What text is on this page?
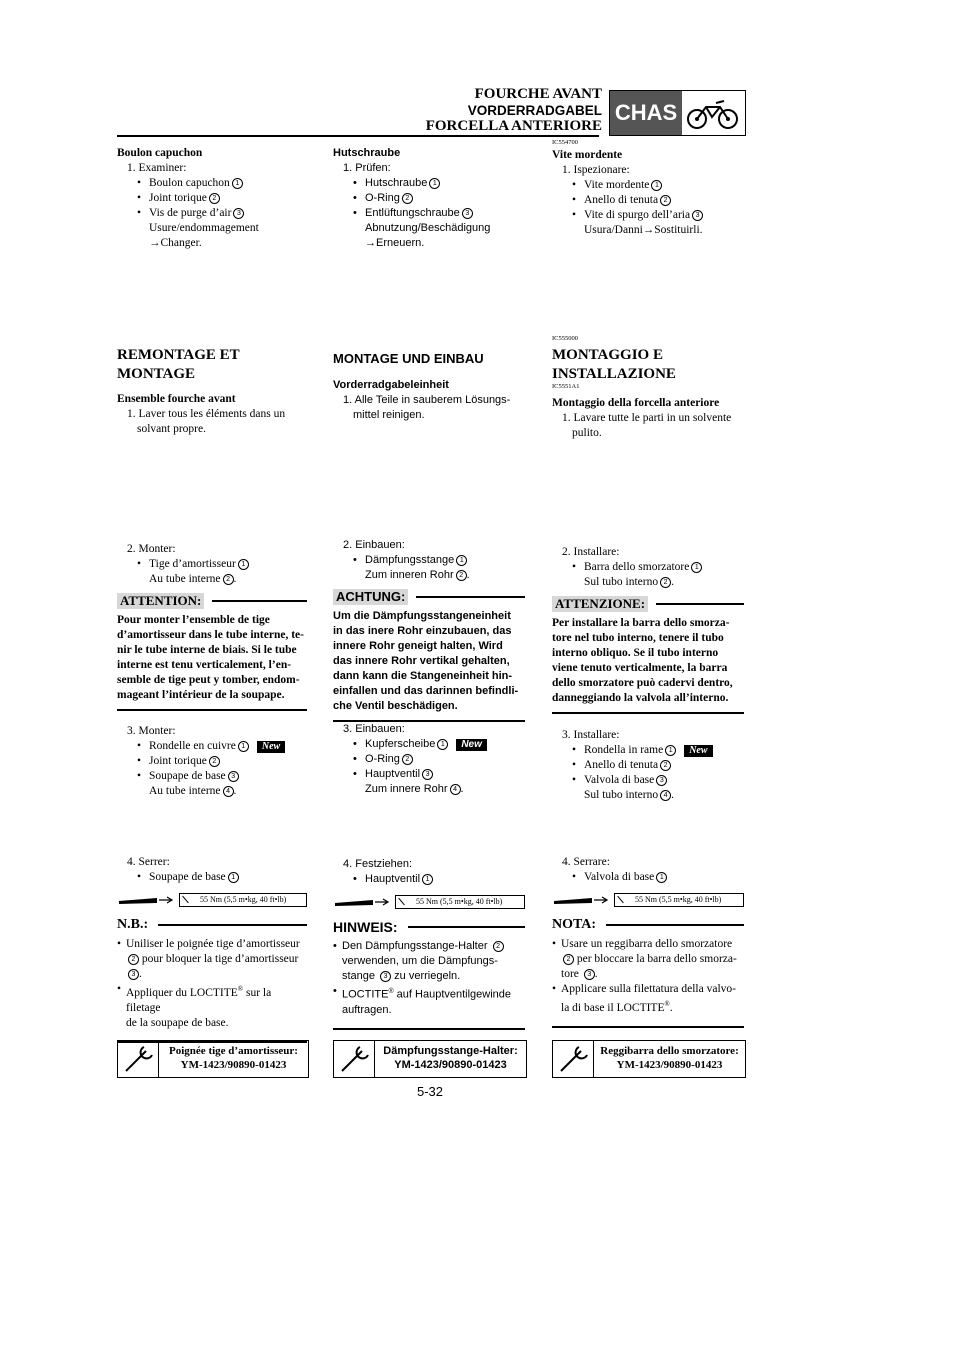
FOURCHE AVANT
VORDERRADGABEL
FORCELLA ANTERIORE
CHAS
IC554700
IC555000
IC5551A1
Boulon capuchon
1. Examiner:
• Boulon capuchon 1
• Joint torique 2
• Vis de purge d’air 3
Usure/endommagement
→Changer.
REMONTAGE ET
MONTAGE
Ensemble fourche avant
1. Laver tous les éléments dans un
solvant propre.
2. Monter:
• Tige d’amortisseur 1
Au tube interne 2 .
ATTENTION:
Pour monter l’ensemble de tige
d’amortisseur dans le tube interne, te-
nir le tube interne de biais. Si le tube
interne est tenu verticalement, l’en-
semble de tige peut y tomber, endom-
mageant l’intérieur de la soupape.
3. Monter:
• Rondelle en cuivre 1 New
• Joint torique 2
• Soupape de base 3
Au tube interne 4 .
4. Serrer:
• Soupape de base 1
55 Nm (5,5 m•kg, 40 ft•lb)
N.B.:
• Uniliser le poignée tige d’amortisseur
2 pour bloquer la tige d’amortisseur
3 .
• Appliquer du LOCTITE® sur la filetage
de la soupape de base.
Poignée tige d’amortisseur:
YM-1423/90890-01423
Hutschraube
1. Prüfen:
• Hutschraube 1
• O-Ring 2
• Entlüftungschraube 3
Abnutzung/Beschädigung
→Erneuern.
MONTAGE UND EINBAU
Vorderradgabeleinheit
1. Alle Teile in sauberem Lösungs-
mittel reinigen.
2. Einbauen:
• Dämpfungsstange 1
Zum inneren Rohr 2 .
ACHTUNG:
Um die Dämpfungsstangeneinheit
in das inere Rohr einzubauen, das
innere Rohr geneigt halten, Wird
das innere Rohr vertikal gehalten,
dann kann die Stangeneinheit hin-
einfallen und das darinnen befindli-
che Ventil beschädigen.
3. Einbauen:
• Kupferscheibe 1 New
• O-Ring 2
• Hauptventil 3
Zum innere Rohr 4 .
4. Festziehen:
• Hauptventil 1
55 Nm (5,5 m•kg, 40 ft•lb)
HINWEIS:
• Den Dämpfungsstange-Halter 2
verwenden, um die Dämpfungs-
stange 3 zu verriegeln.
• LOCTITE® auf Hauptventilgewinde
auftragen.
Dämpfungsstange-Halter:
YM-1423/90890-01423
Vite mordente
1. Ispezionare:
• Vite mordente 1
• Anello di tenuta 2
• Vite di spurgo dell’aria 3
Usura/Danni→Sostituirli.
MONTAGGIO E
INSTALLAZIONE
Montaggio della forcella anteriore
1. Lavare tutte le parti in un solvente
pulito.
2. Installare:
• Barra dello smorzatore 1
Sul tubo interno 2 .
ATTENZIONE:
Per installare la barra dello smorza-
tore nel tubo interno, tenere il tubo
interno obliquo. Se il tubo interno
viene tenuto verticalmente, la barra
dello smorzatore può cadervi dentro,
danneggiando la valvola all’interno.
3. Installare:
• Rondella in rame 1 New
• Anello di tenuta 2
• Valvola di base 3
Sul tubo interno 4 .
4. Serrare:
• Valvola di base 1
55 Nm (5,5 m•kg, 40 ft•lb)
NOTA:
• Usare un reggibarra dello smorzatore
2 per bloccare la barra dello smorza-
tore 3 .
• Applicare sulla filettatura della valvo-
la di base il LOCTITE®.
Reggibarra dello smorzatore:
YM-1423/90890-01423
5-32
